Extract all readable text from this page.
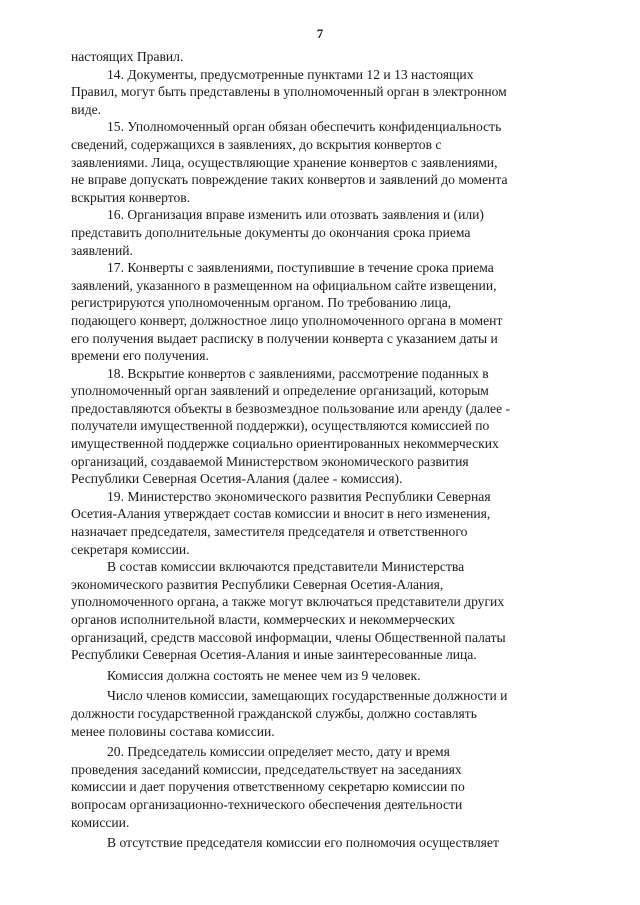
7

настоящих Правил.

14. Документы, предусмотренные пунктами 12 и 13 настоящих
Правил, могут быть представлены в уполномоченный орган в электронном
виде.

15. Уполномоченный орган обязан обеспечить конфиденциальность
сведений, содержащихся в заявлениях, до вскрытия конвертов с
заявлениями. Лица, осуществляющие хранение конвертов с заявлениями,
не вправе допускать повреждение таких конвертов и заявлений до момента
вскрытия конвертов.

16. Организация вправе изменить или отозвать заявления и (или)
представить дополнительные документы до окончания срока приема
заявлений.

17. Конверты с заявлениями, поступившие в течение срока приема
заявлений, указанного в размещенном на официальном сайте извещении,
регистрируются уполномоченным органом. По требованию лица,
подающего конверт, должностное лицо уполномоченного органа в момент
его получения выдает расписку в получении конверта с указанием даты и
времени его получения.

18. Вскрытие конвертов с заявлениями, рассмотрение поданных в
уполномоченный орган заявлений и определение организаций, которым
предоставляются объекты в безвозмездное пользование или аренду (далее -
получатели имущественной поддержки), осуществляются комиссией по
имущественной поддержке социально ориентированных некоммерческих
организаций, создаваемой Министерством экономического развития
Республики Северная Осетия-Алания (далее - комиссия).

19. Министерство экономического развития Республики Северная
Осетия-Алания утверждает состав комиссии и вносит в него изменения,
назначает председателя, заместителя председателя и ответственного
секретаря комиссии.

В состав комиссии включаются представители Министерства
экономического развития Республики Северная Осетия-Алания,
уполномоченного органа, а также могут включаться представители других
органов исполнительной власти, коммерческих и некоммерческих
организаций, средств массовой информации, члены Общественной палаты
Республики Северная Осетия-Алания и иные заинтересованные лица.

Комиссия должна состоять не менее чем из 9 человек.

Число членов комиссии, замещающих государственные должности и
должности государственной гражданской службы, должно составлять
менее половины состава комиссии.

20. Председатель комиссии определяет место, дату и время
проведения заседаний комиссии, председательствует на заседаниях
комиссии и дает поручения ответственному секретарю комиссии по
вопросам организационно-технического обеспечения деятельности
комиссии.

В отсутствие председателя комиссии его полномочия осуществляет
